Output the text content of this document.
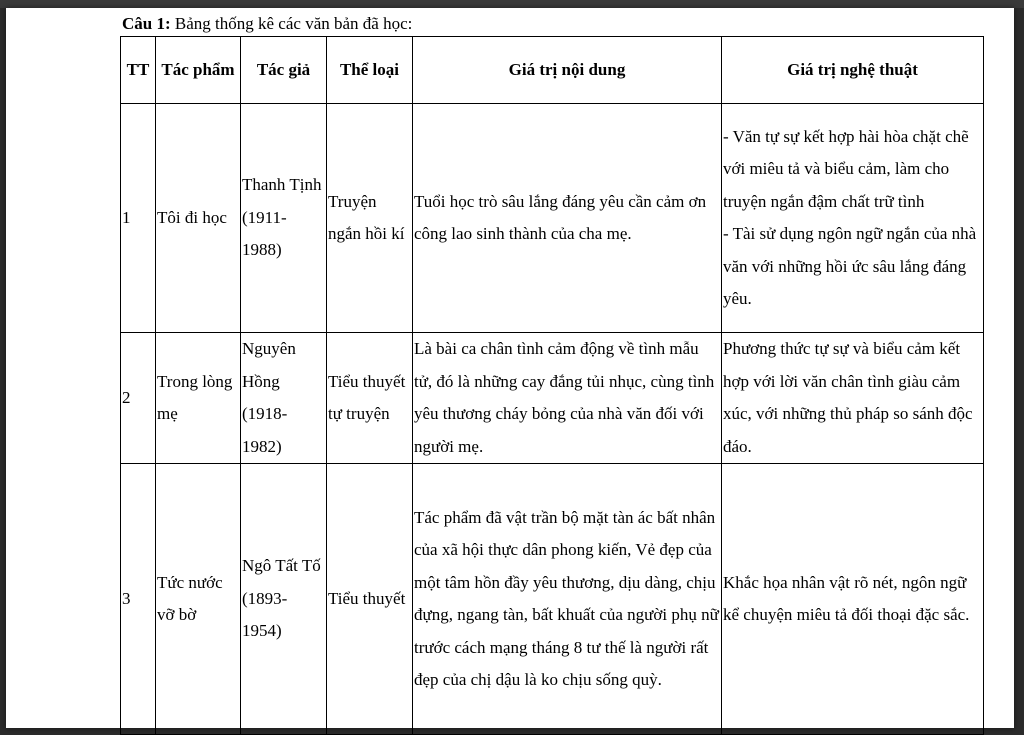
Câu 1: Bảng thống kê các văn bản đã học:
TT	Tác phẩm	Tác giả	Thể loại	Giá trị nội dung	Giá trị nghệ thuật
1	Tôi đi học	Thanh Tịnh (1911-1988)	Truyện ngắn hồi kí	Tuổi học trò sâu lắng đáng yêu cần cảm ơn công lao sinh thành của cha mẹ.	- Văn tự sự kết hợp hài hòa chặt chẽ với miêu tả và biểu cảm, làm cho truyện ngắn đậm chất trữ tình
- Tài sử dụng ngôn ngữ ngắn của nhà văn với những hồi ức sâu lắng đáng yêu.

2	Trong lòng mẹ	Nguyên Hồng (1918-1982)	Tiểu thuyết tự truyện	Là bài ca chân tình cảm động về tình mẫu tử, đó là những cay đắng tủi nhục, cùng tình yêu thương cháy bỏng của nhà văn đối với người mẹ.	Phương thức tự sự và biểu cảm kết hợp với lời văn chân tình giàu cảm xúc, với những thủ pháp so sánh độc đáo.
3	Tức nước vỡ bờ	Ngô Tất Tố (1893-1954)	Tiểu thuyết	Tác phẩm đã vật trần bộ mặt tàn ác bất nhân của xã hội thực dân phong kiến, Vẻ đẹp của một tâm hồn đầy yêu thương, dịu dàng, chịu đựng, ngang tàn, bất khuất của người phụ nữ trước cách mạng tháng 8 tư thế là người rất đẹp của chị dậu là ko chịu sống quỳ.	Khắc họa nhân vật rõ nét, ngôn ngữ kể chuyện miêu tả đối thoại đặc sắc.
